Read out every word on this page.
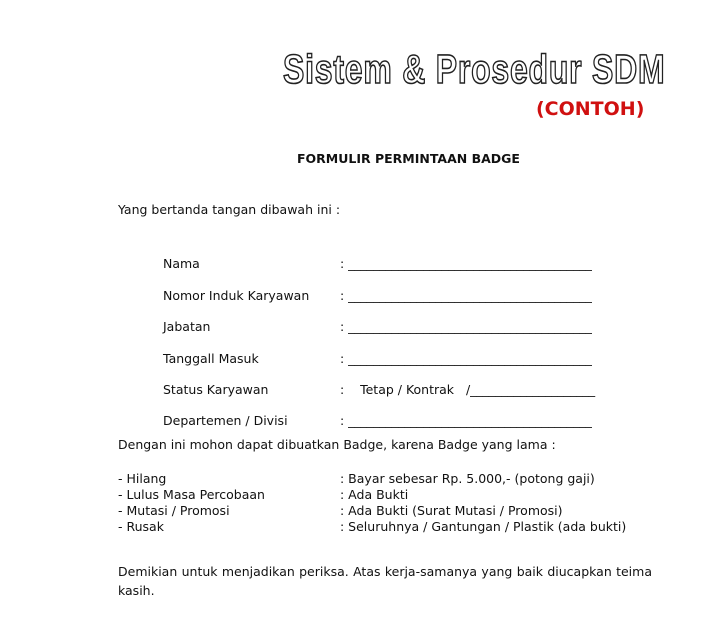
Sistem & Prosedur SDM
(CONTOH)
FORMULIR PERMINTAAN BADGE
Yang bertanda tangan dibawah ini :
Nama	: _______________________________________
Nomor Induk Karyawan : _______________________________________
Jabatan	: _______________________________________
Tanggall Masuk	: _______________________________________
Status Karyawan	:    Tetap / Kontrak   /____________________
Departemen / Divisi	: _______________________________________
Dengan ini mohon dapat dibuatkan Badge, karena Badge yang lama :
- Hilang	: Bayar sebesar Rp. 5.000,- (potong gaji)
- Lulus Masa Percobaan	: Ada Bukti
- Mutasi / Promosi	: Ada Bukti (Surat Mutasi / Promosi)
- Rusak	: Seluruhnya / Gantungan / Plastik (ada bukti)
Demikian untuk menjadikan periksa. Atas kerja-samanya yang baik diucapkan teima
kasih.
